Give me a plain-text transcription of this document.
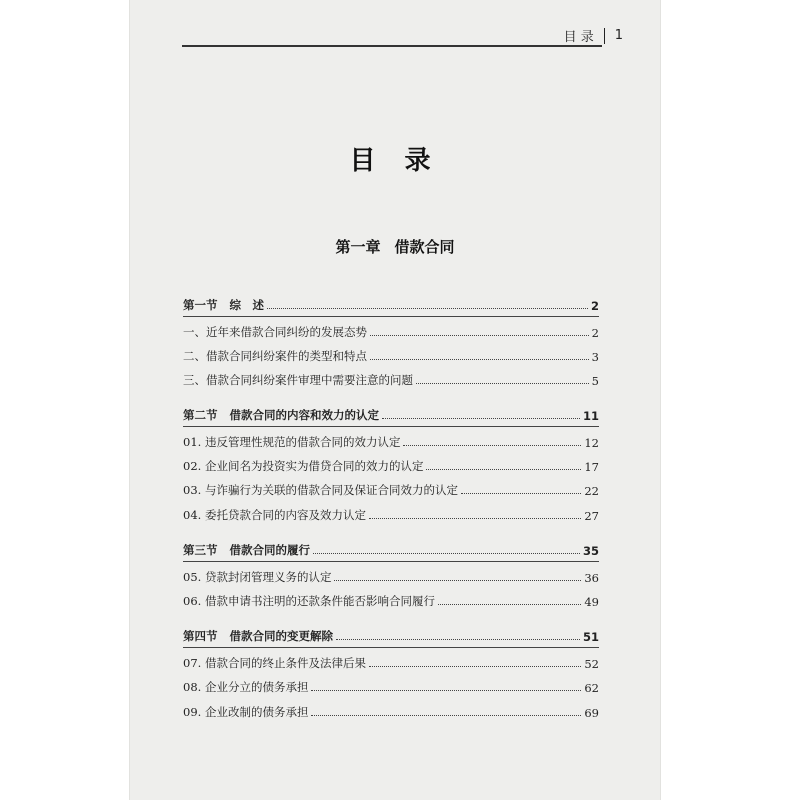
目 录 1
目 录
第一章 借款合同
第一节 综　述	2
一、近年来借款合同纠纷的发展态势	2
二、借款合同纠纷案件的类型和特点	3
三、借款合同纠纷案件审理中需要注意的问题	5
第二节 借款合同的内容和效力的认定	11
01. 违反管理性规范的借款合同的效力认定	12
02. 企业间名为投资实为借贷合同的效力的认定	17
03. 与诈骗行为关联的借款合同及保证合同效力的认定	22
04. 委托贷款合同的内容及效力认定	27
第三节 借款合同的履行	35
05. 贷款封闭管理义务的认定	36
06. 借款申请书注明的还款条件能否影响合同履行	49
第四节 借款合同的变更解除	51
07. 借款合同的终止条件及法律后果	52
08. 企业分立的债务承担	62
09. 企业改制的债务承担	69
